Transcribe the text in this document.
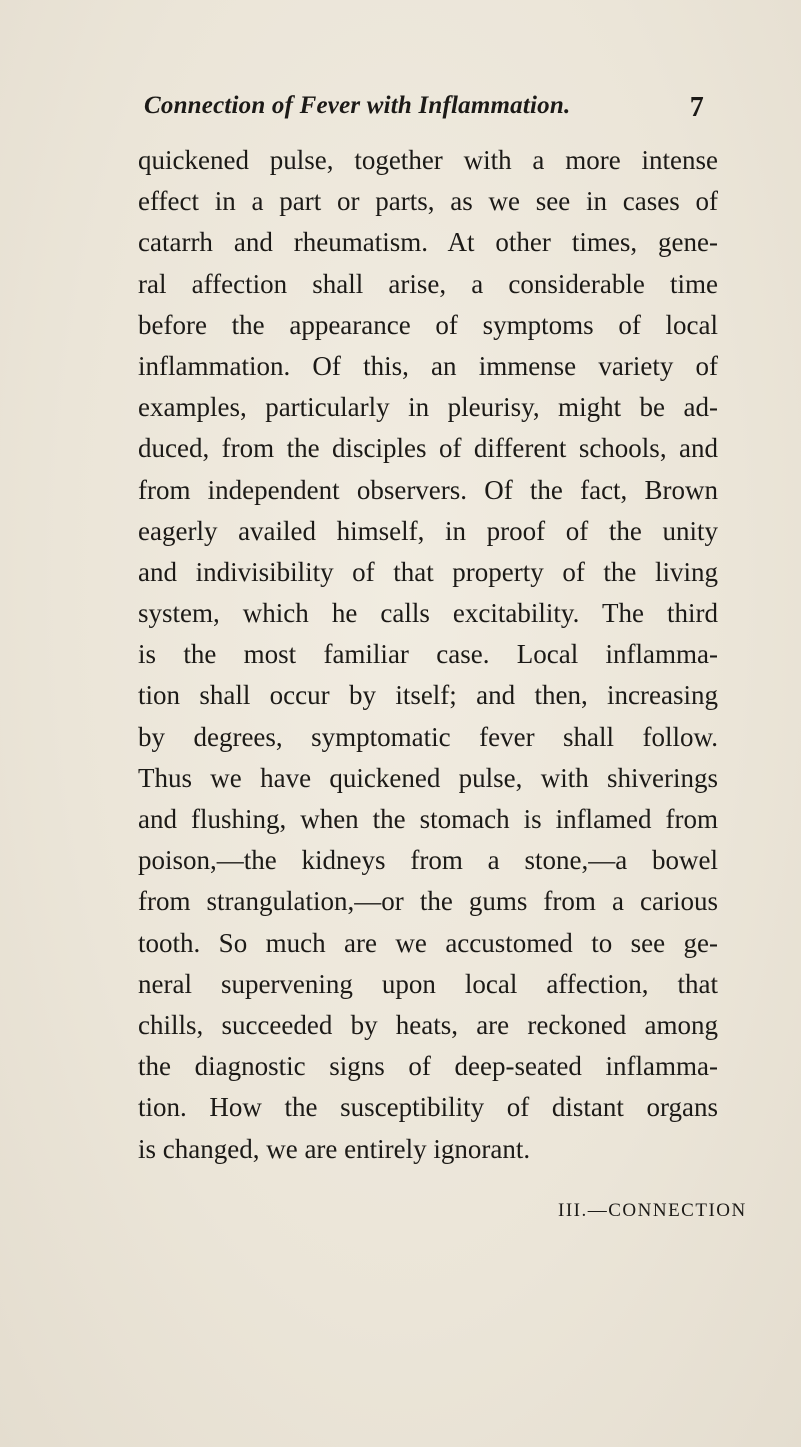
Connection of Fever with Inflammation.	7
quickened pulse, together with a more intense
effect in a part or parts, as we see in cases of
catarrh and rheumatism. At other times, gene-
ral affection shall arise, a considerable time
before the appearance of symptoms of local
inflammation. Of this, an immense variety of
examples, particularly in pleurisy, might be ad-
duced, from the disciples of different schools, and
from independent observers. Of the fact, Brown
eagerly availed himself, in proof of the unity
and indivisibility of that property of the living
system, which he calls excitability. The third
is the most familiar case. Local inflamma-
tion shall occur by itself; and then, increasing
by degrees, symptomatic fever shall follow.
Thus we have quickened pulse, with shiverings
and flushing, when the stomach is inflamed from
poison,—the kidneys from a stone,—a bowel
from strangulation,—or the gums from a carious
tooth. So much are we accustomed to see ge-
neral supervening upon local affection, that
chills, succeeded by heats, are reckoned among
the diagnostic signs of deep-seated inflamma-
tion. How the susceptibility of distant organs
is changed, we are entirely ignorant.
III.—CONNECTION
